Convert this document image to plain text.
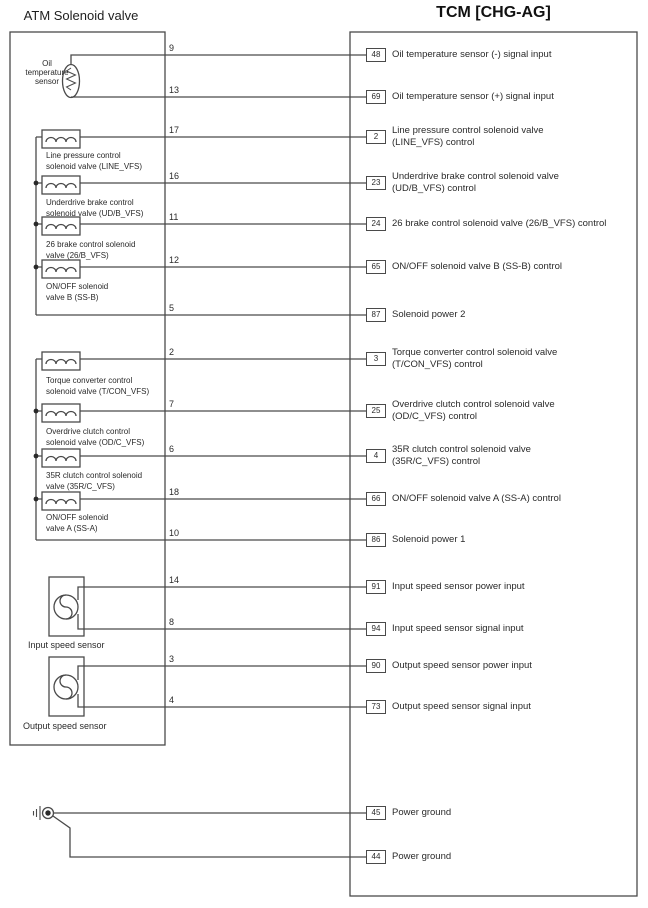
ATM Solenoid valve	TCM [CHG-AG]
Oil
temperature
sensor
Line pressure control
solenoid valve (LINE_VFS)
Underdrive brake control
solenoid valve (UD/B_VFS)
26 brake control solenoid
valve (26/B_VFS)
ON/OFF solenoid
valve B (SS-B)
Torque converter control
solenoid valve (T/CON_VFS)
Overdrive clutch control
solenoid valve (OD/C_VFS)
35R clutch control solenoid
valve (35R/C_VFS)
ON/OFF solenoid
valve A (SS-A)
Input speed sensor
Output speed sensor
9
13
17
16
11
12
5
2
7
6
18
10
14
8
3
4
48
69
2
23
24
65
87
3
25
4
66
86
91
94
90
73
45
44
Oil temperature sensor (-) signal input
Oil temperature sensor (+) signal input
Line pressure control solenoid valve
(LINE_VFS) control
Underdrive brake control solenoid valve
(UD/B_VFS) control
26 brake control solenoid valve (26/B_VFS) control
ON/OFF solenoid valve B (SS-B) control
Solenoid power 2
Torque converter control solenoid valve
(T/CON_VFS) control
Overdrive clutch control solenoid valve
(OD/C_VFS) control
35R clutch control solenoid valve
(35R/C_VFS) control
ON/OFF solenoid valve A (SS-A) control
Solenoid power 1
Input speed sensor power input
Input speed sensor signal input
Output speed sensor power input
Output speed sensor signal input
Power ground
Power ground
